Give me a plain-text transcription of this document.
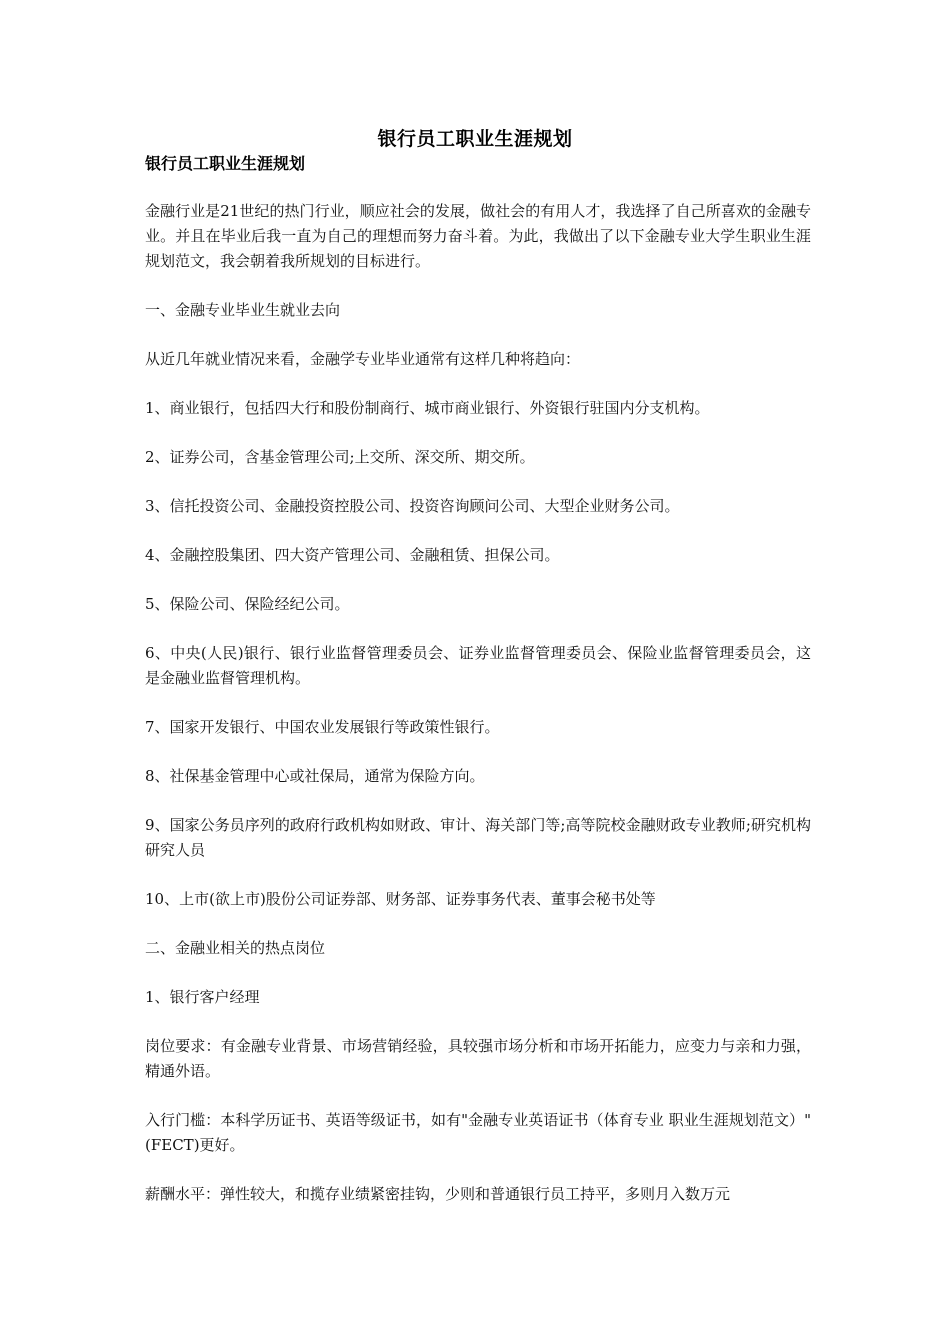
银行员工职业生涯规划
银行员工职业生涯规划

金融行业是21世纪的热门行业，顺应社会的发展，做社会的有用人才，我选择了自己所喜欢的金融专业。并且在毕业后我一直为自己的理想而努力奋斗着。为此，我做出了以下金融专业大学生职业生涯规划范文，我会朝着我所规划的目标进行。

一、金融专业毕业生就业去向

从近几年就业情况来看，金融学专业毕业通常有这样几种将趋向：

1、商业银行，包括四大行和股份制商行、城市商业银行、外资银行驻国内分支机构。

2、证券公司，含基金管理公司;上交所、深交所、期交所。

3、信托投资公司、金融投资控股公司、投资咨询顾问公司、大型企业财务公司。

4、金融控股集团、四大资产管理公司、金融租赁、担保公司。

5、保险公司、保险经纪公司。

6、中央(人民)银行、银行业监督管理委员会、证券业监督管理委员会、保险业监督管理委员会，这是金融业监督管理机构。

7、国家开发银行、中国农业发展银行等政策性银行。

8、社保基金管理中心或社保局，通常为保险方向。

9、国家公务员序列的政府行政机构如财政、审计、海关部门等;高等院校金融财政专业教师;研究机构研究人员

10、上市(欲上市)股份公司证券部、财务部、证券事务代表、董事会秘书处等

二、金融业相关的热点岗位

1、银行客户经理

岗位要求：有金融专业背景、市场营销经验，具较强市场分析和市场开拓能力，应变力与亲和力强，精通外语。

入行门槛：本科学历证书、英语等级证书，如有"金融专业英语证书（体育专业 职业生涯规划范文）"(FECT)更好。

薪酬水平：弹性较大，和揽存业绩紧密挂钩，少则和普通银行员工持平，多则月入数万元
